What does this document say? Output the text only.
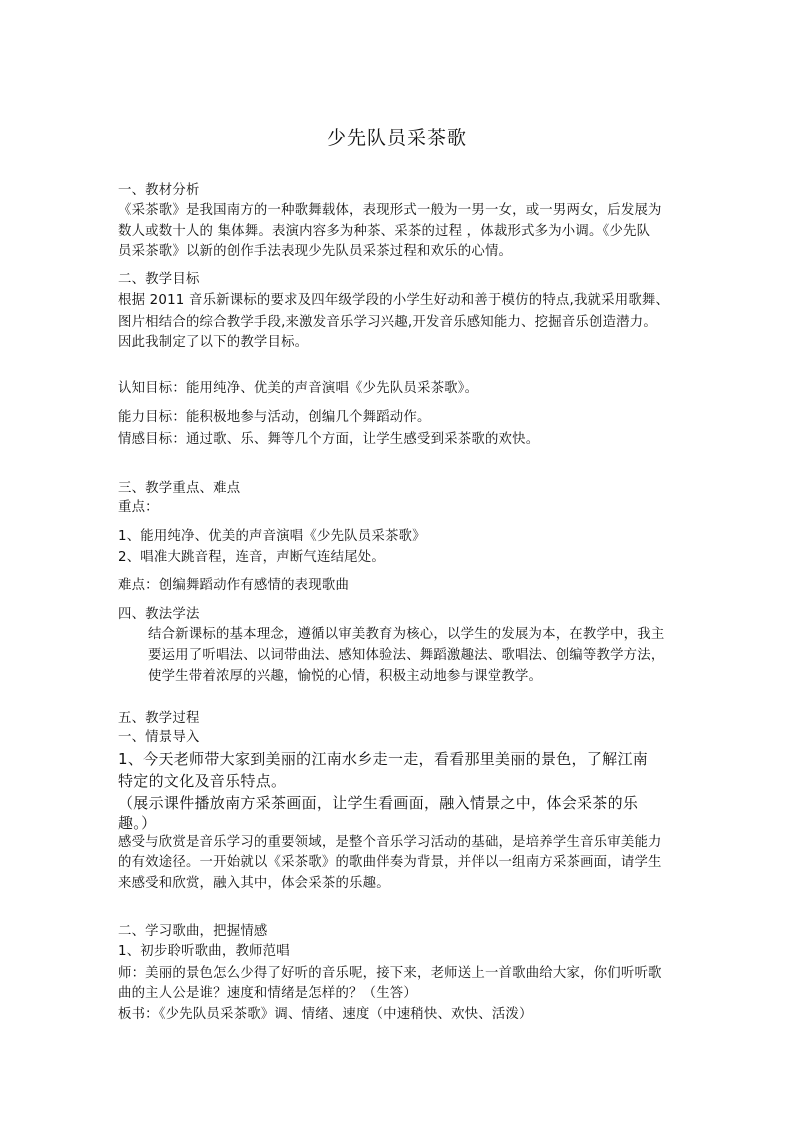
少先队员采茶歌
一、教材分析
《采茶歌》是我国南方的一种歌舞载体，表现形式一般为一男一女，或一男两女，后发展为
数人或数十人的 集体舞。表演内容多为种茶、采茶的过程 ，体裁形式多为小调。《少先队
员采茶歌》以新的创作手法表现少先队员采茶过程和欢乐的心情。
二、教学目标
根据 2011 音乐新课标的要求及四年级学段的小学生好动和善于模仿的特点,我就采用歌舞、
图片相结合的综合教学手段,来激发音乐学习兴趣,开发音乐感知能力、挖掘音乐创造潜力。
因此我制定了以下的教学目标。
认知目标：能用纯净、优美的声音演唱《少先队员采茶歌》。
能力目标：能积极地参与活动，创编几个舞蹈动作。
情感目标：通过歌、乐、舞等几个方面，让学生感受到采茶歌的欢快。
三、教学重点、难点
重点：
1、能用纯净、优美的声音演唱《少先队员采茶歌》
2、唱准大跳音程，连音，声断气连结尾处。
难点：创编舞蹈动作有感情的表现歌曲
四、教法学法
结合新课标的基本理念，遵循以审美教育为核心，以学生的发展为本，在教学中，我主
要运用了听唱法、以词带曲法、感知体验法、舞蹈激趣法、歌唱法、创编等教学方法，
使学生带着浓厚的兴趣，愉悦的心情，积极主动地参与课堂教学。
五、教学过程
一、情景导入
1、今天老师带大家到美丽的江南水乡走一走，看看那里美丽的景色，了解江南
特定的文化及音乐特点。
（展示课件播放南方采茶画面，让学生看画面，融入情景之中，体会采茶的乐
趣。）
感受与欣赏是音乐学习的重要领域，是整个音乐学习活动的基础，是培养学生音乐审美能力
的有效途径。一开始就以《采茶歌》的歌曲伴奏为背景，并伴以一组南方采茶画面，请学生
来感受和欣赏，融入其中，体会采茶的乐趣。
二、学习歌曲，把握情感
1、初步聆听歌曲，教师范唱
师：美丽的景色怎么少得了好听的音乐呢，接下来，老师送上一首歌曲给大家，你们听听歌
曲的主人公是谁？速度和情绪是怎样的？（生答）
板书：《少先队员采茶歌》调、情绪、速度（中速稍快、欢快、活泼）
